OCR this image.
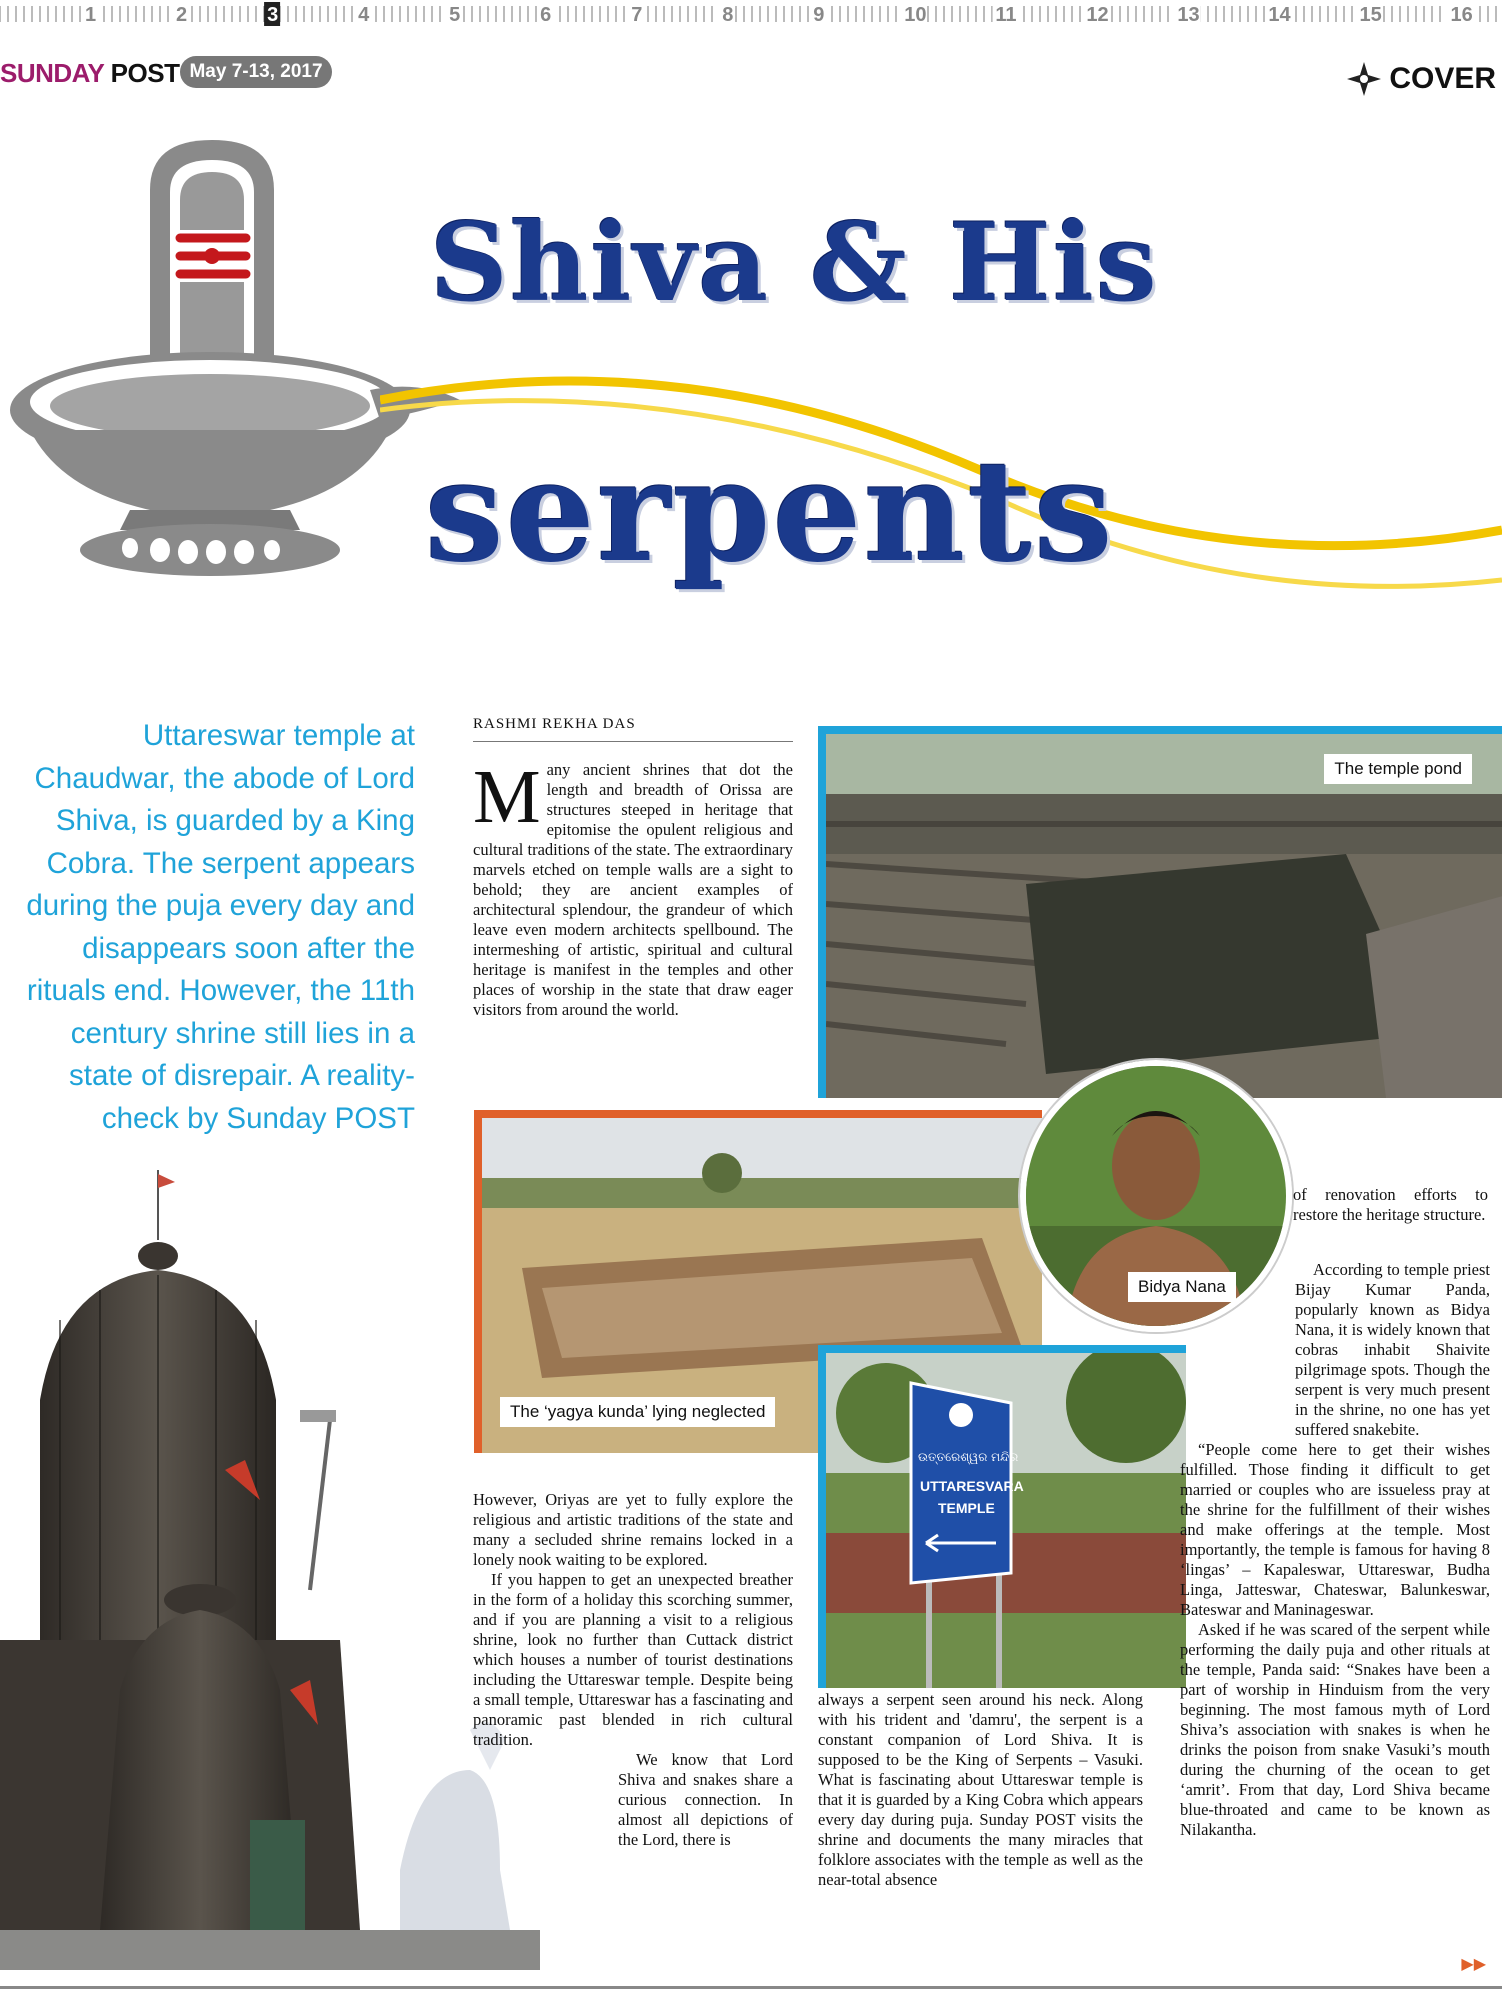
1	2	3	4	5	6	7	8	9	10	11	12	13	14	15	16
SUNDAY POST May 7-13, 2017	COVER
Shiva & His
serpents
Uttareswar temple at Chaudwar, the abode of Lord Shiva, is guarded by a King Cobra. The serpent appears during the puja every day and disappears soon after the rituals end. However, the 11th century shrine still lies in a state of disrepair. A reality-check by Sunday POST
RASHMI REKHA DAS

Many ancient shrines that dot the length and breadth of Orissa are structures steeped in heritage that epitomise the opulent religious and cultural traditions of the state. The extraordinary marvels etched on temple walls are a sight to behold; they are ancient examples of architectural splendour, the grandeur of which leave even modern architects spellbound. The intermeshing of artistic, spiritual and cultural heritage is manifest in the temples and other places of worship in the state that draw eager visitors from around the world.

The temple pond
The ‘yagya kunda’ lying neglected
Bidya Nana
ଉତ୍ତରେଶ୍ୱର ମନ୍ଦିର
UTTARESVARA
TEMPLE

However, Oriyas are yet to fully explore the religious and artistic traditions of the state and many a secluded shrine remains locked in a lonely nook waiting to be explored.

If you happen to get an unexpected breather in the form of a holiday this scorching summer, and if you are planning a visit to a religious shrine, look no further than Cuttack district which houses a number of tourist destinations including the Uttareswar temple. Despite being a small temple, Uttareswar has a fascinating and panoramic past blended in rich cultural tradition.

We know that Lord Shiva and snakes share a curious connection. In almost all depictions of the Lord, there is

always a serpent seen around his neck. Along with his trident and 'damru', the serpent is a constant companion of Lord Shiva. It is supposed to be the King of Serpents – Vasuki. What is fascinating about Uttareswar temple is that it is guarded by a King Cobra which appears every day during puja. Sunday POST visits the shrine and documents the many miracles that folklore associates with the temple as well as the near-total absence

of renovation efforts to restore the heritage structure.

According to temple priest Bijay Kumar Panda, popularly known as Bidya Nana, it is widely known that cobras inhabit Shaivite pilgrimage spots. Though the serpent is very much present in the shrine, no one has yet suffered snakebite.

“People come here to get their wishes fulfilled. Those finding it difficult to get married or couples who are issueless pray at the shrine for the fulfillment of their wishes and make offerings at the temple. Most importantly, the temple is famous for having 8 ‘lingas’ – Kapaleswar, Uttareswar, Budha Linga, Jatteswar, Chateswar, Balunkeswar, Bateswar and Maninageswar.

Asked if he was scared of the serpent while performing the daily puja and other rituals at the temple, Panda said: “Snakes have been a part of worship in Hinduism from the very beginning. The most famous myth of Lord Shiva’s association with snakes is when he drinks the poison from snake Vasuki’s mouth during the churning of the ocean to get ‘amrit’. From that day, Lord Shiva became blue-throated and came to be known as Nilakantha.

▶▶
